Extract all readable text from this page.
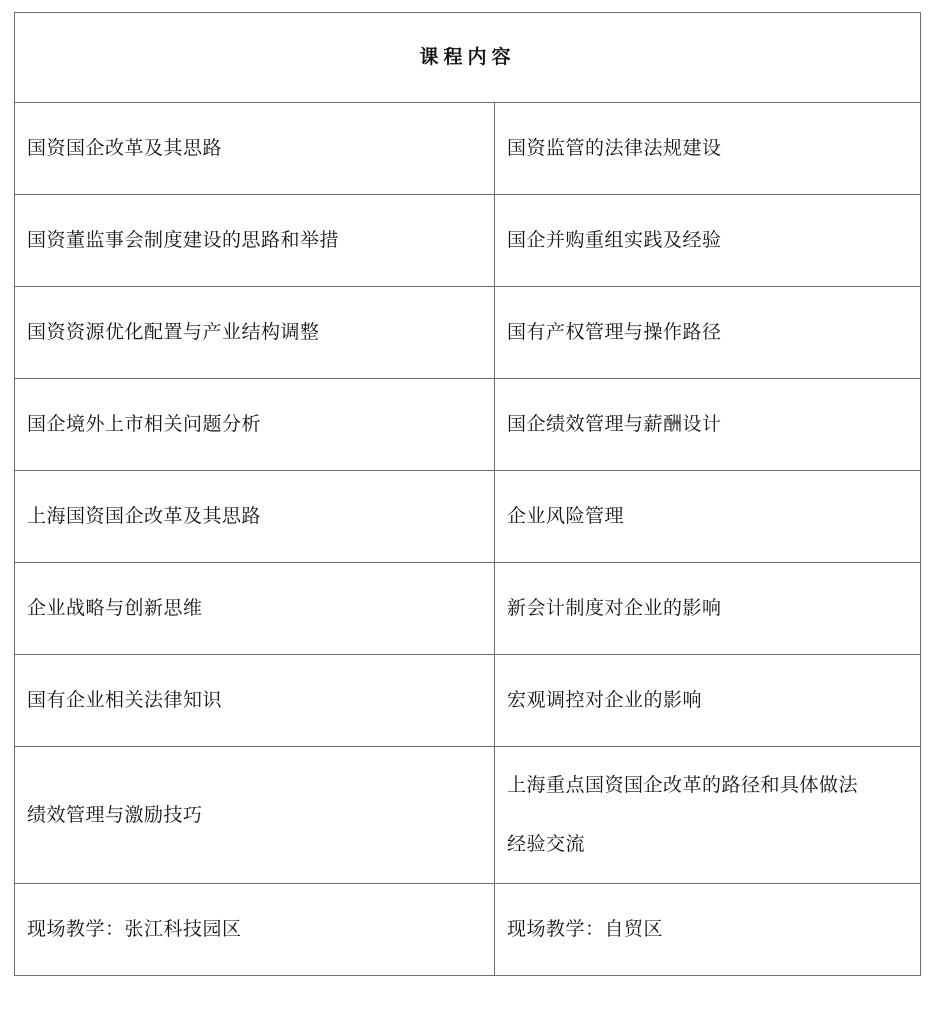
课程内容	
国资国企改革及其思路	国资监管的法律法规建设
国资董监事会制度建设的思路和举措	国企并购重组实践及经验
国资资源优化配置与产业结构调整	国有产权管理与操作路径
国企境外上市相关问题分析	国企绩效管理与薪酬设计
上海国资国企改革及其思路	企业风险管理
企业战略与创新思维	新会计制度对企业的影响
国有企业相关法律知识	宏观调控对企业的影响
绩效管理与激励技巧	上海重点国资国企改革的路径和具体做法
经验交流

现场教学：张江科技园区	现场教学：自贸区
